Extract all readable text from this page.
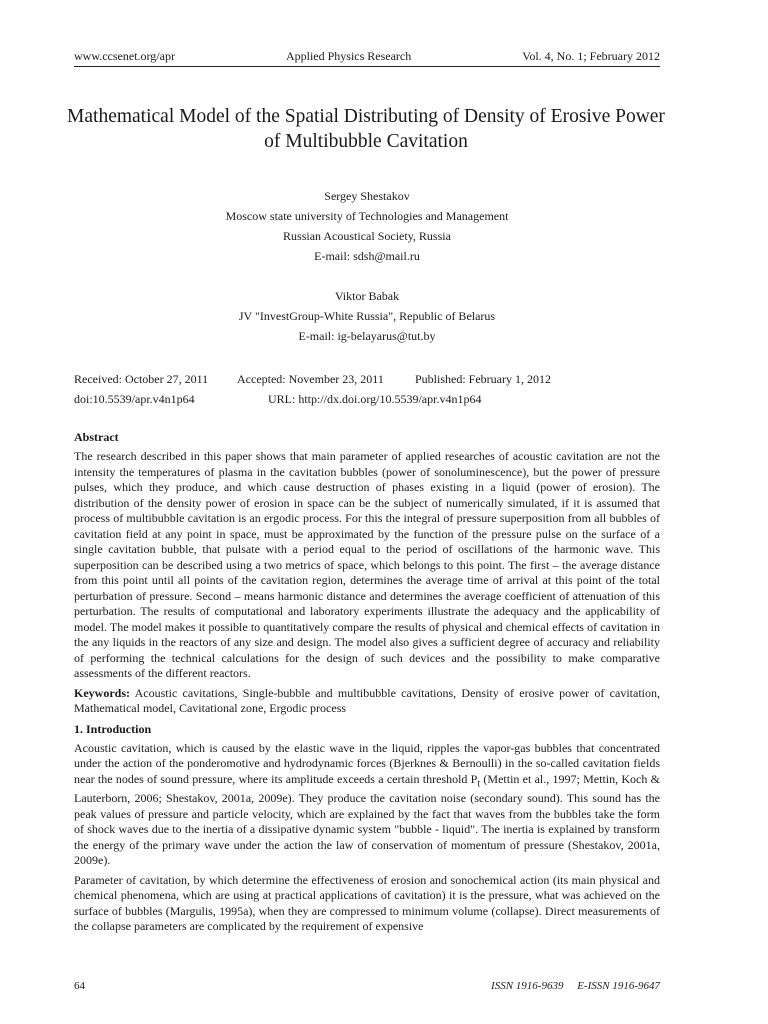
www.ccsenet.org/apr	Applied Physics Research	Vol. 4, No. 1; February 2012
Mathematical Model of the Spatial Distributing of Density of Erosive Power of Multibubble Cavitation
Sergey Shestakov
Moscow state university of Technologies and Management
Russian Acoustical Society, Russia
E-mail: sdsh@mail.ru
Viktor Babak
JV "InvestGroup-White Russia", Republic of Belarus
E-mail: ig-belayarus@tut.by
Received: October 27, 2011	Accepted: November 23, 2011	Published: February 1, 2012
doi:10.5539/apr.v4n1p64	URL: http://dx.doi.org/10.5539/apr.v4n1p64
Abstract

The research described in this paper shows that main parameter of applied researches of acoustic cavitation are not the intensity the temperatures of plasma in the cavitation bubbles (power of sonoluminescence), but the power of pressure pulses, which they produce, and which cause destruction of phases existing in a liquid (power of erosion). The distribution of the density power of erosion in space can be the subject of numerically simulated, if it is assumed that process of multibubble cavitation is an ergodic process. For this the integral of pressure superposition from all bubbles of cavitation field at any point in space, must be approximated by the function of the pressure pulse on the surface of a single cavitation bubble, that pulsate with a period equal to the period of oscillations of the harmonic wave. This superposition can be described using a two metrics of space, which belongs to this point. The first – the average distance from this point until all points of the cavitation region, determines the average time of arrival at this point of the total perturbation of pressure. Second – means harmonic distance and determines the average coefficient of attenuation of this perturbation. The results of computational and laboratory experiments illustrate the adequacy and the applicability of model. The model makes it possible to quantitatively compare the results of physical and chemical effects of cavitation in the any liquids in the reactors of any size and design. The model also gives a sufficient degree of accuracy and reliability of performing the technical calculations for the design of such devices and the possibility to make comparative assessments of the different reactors.

Keywords: Acoustic cavitations, Single-bubble and multibubble cavitations, Density of erosive power of cavitation, Mathematical model, Cavitational zone, Ergodic process

1. Introduction

Acoustic cavitation, which is caused by the elastic wave in the liquid, ripples the vapor-gas bubbles that concentrated under the action of the ponderomotive and hydrodynamic forces (Bjerknes & Bernoulli) in the so-called cavitation fields near the nodes of sound pressure, where its amplitude exceeds a certain threshold $P_t$ (Mettin et al., 1997; Mettin, Koch & Lauterborn, 2006; Shestakov, 2001a, 2009e). They produce the cavitation noise (secondary sound). This sound has the peak values of pressure and particle velocity, which are explained by the fact that waves from the bubbles take the form of shock waves due to the inertia of a dissipative dynamic system "bubble - liquid". The inertia is explained by transform the energy of the primary wave under the action the law of conservation of momentum of pressure (Shestakov, 2001a, 2009e).

Parameter of cavitation, by which determine the effectiveness of erosion and sonochemical action (its main physical and chemical phenomena, which are using at practical applications of cavitation) it is the pressure, what was achieved on the surface of bubbles (Margulis, 1995a), when they are compressed to minimum volume (collapse). Direct measurements of the collapse parameters are complicated by the requirement of expensive

64	ISSN 1916-9639 E-ISSN 1916-9647
